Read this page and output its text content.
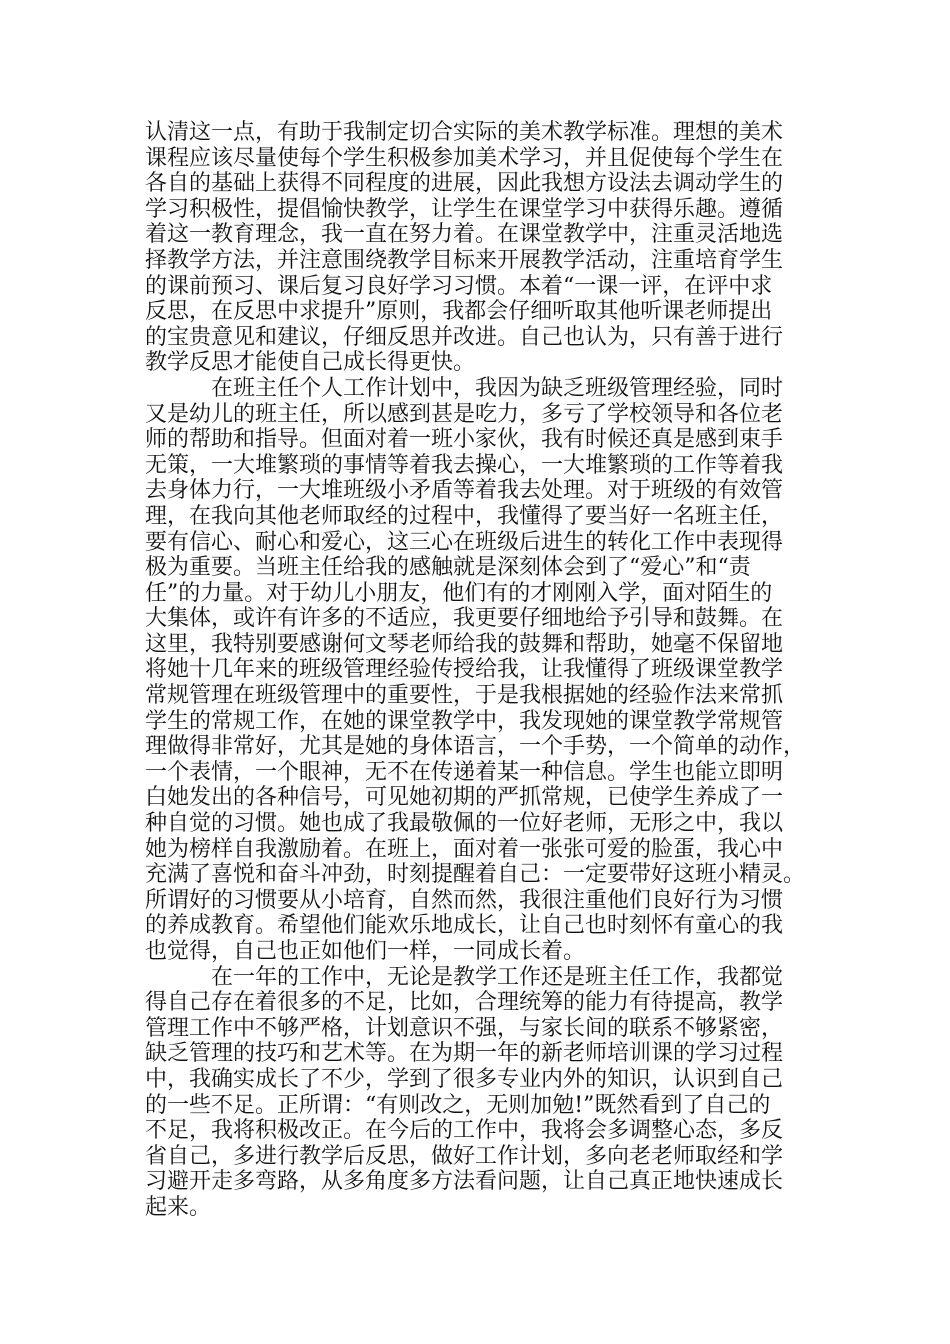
认清这一点，有助于我制定切合实际的美术教学标准。理想的美术
课程应该尽量使每个学生积极参加美术学习，并且促使每个学生在
各自的基础上获得不同程度的进展，因此我想方设法去调动学生的
学习积极性，提倡愉快教学，让学生在课堂学习中获得乐趣。遵循
着这一教育理念，我一直在努力着。在课堂教学中，注重灵活地选
择教学方法，并注意围绕教学目标来开展教学活动，注重培育学生
的课前预习、课后复习良好学习习惯。本着“一课一评，在评中求
反思，在反思中求提升”原则，我都会仔细听取其他听课老师提出
的宝贵意见和建议，仔细反思并改进。自己也认为，只有善于进行
教学反思才能使自己成长得更快。
在班主任个人工作计划中，我因为缺乏班级管理经验，同时
又是幼儿的班主任，所以感到甚是吃力，多亏了学校领导和各位老
师的帮助和指导。但面对着一班小家伙，我有时候还真是感到束手
无策，一大堆繁琐的事情等着我去操心，一大堆繁琐的工作等着我
去身体力行，一大堆班级小矛盾等着我去处理。对于班级的有效管
理，在我向其他老师取经的过程中，我懂得了要当好一名班主任，
要有信心、耐心和爱心，这三心在班级后进生的转化工作中表现得
极为重要。当班主任给我的感触就是深刻体会到了“爱心”和“责
任”的力量。对于幼儿小朋友，他们有的才刚刚入学，面对陌生的
大集体，或许有许多的不适应，我更要仔细地给予引导和鼓舞。在
这里，我特别要感谢何文琴老师给我的鼓舞和帮助，她毫不保留地
将她十几年来的班级管理经验传授给我，让我懂得了班级课堂教学
常规管理在班级管理中的重要性，于是我根据她的经验作法来常抓
学生的常规工作，在她的课堂教学中，我发现她的课堂教学常规管
理做得非常好，尤其是她的身体语言，一个手势，一个简单的动作，
一个表情，一个眼神，无不在传递着某一种信息。学生也能立即明
白她发出的各种信号，可见她初期的严抓常规，已使学生养成了一
种自觉的习惯。她也成了我最敬佩的一位好老师，无形之中，我以
她为榜样自我激励着。在班上，面对着一张张可爱的脸蛋，我心中
充满了喜悦和奋斗冲劲，时刻提醒着自己：一定要带好这班小精灵。
所谓好的习惯要从小培育，自然而然，我很注重他们良好行为习惯
的养成教育。希望他们能欢乐地成长，让自己也时刻怀有童心的我
也觉得，自己也正如他们一样，一同成长着。
在一年的工作中，无论是教学工作还是班主任工作，我都觉
得自己存在着很多的不足，比如，合理统筹的能力有待提高，教学
管理工作中不够严格，计划意识不强，与家长间的联系不够紧密，
缺乏管理的技巧和艺术等。在为期一年的新老师培训课的学习过程
中，我确实成长了不少，学到了很多专业内外的知识，认识到自己
的一些不足。正所谓：“有则改之，无则加勉!”既然看到了自己的
不足，我将积极改正。在今后的工作中，我将会多调整心态，多反
省自己，多进行教学后反思，做好工作计划，多向老老师取经和学
习避开走多弯路，从多角度多方法看问题，让自己真正地快速成长
起来。
